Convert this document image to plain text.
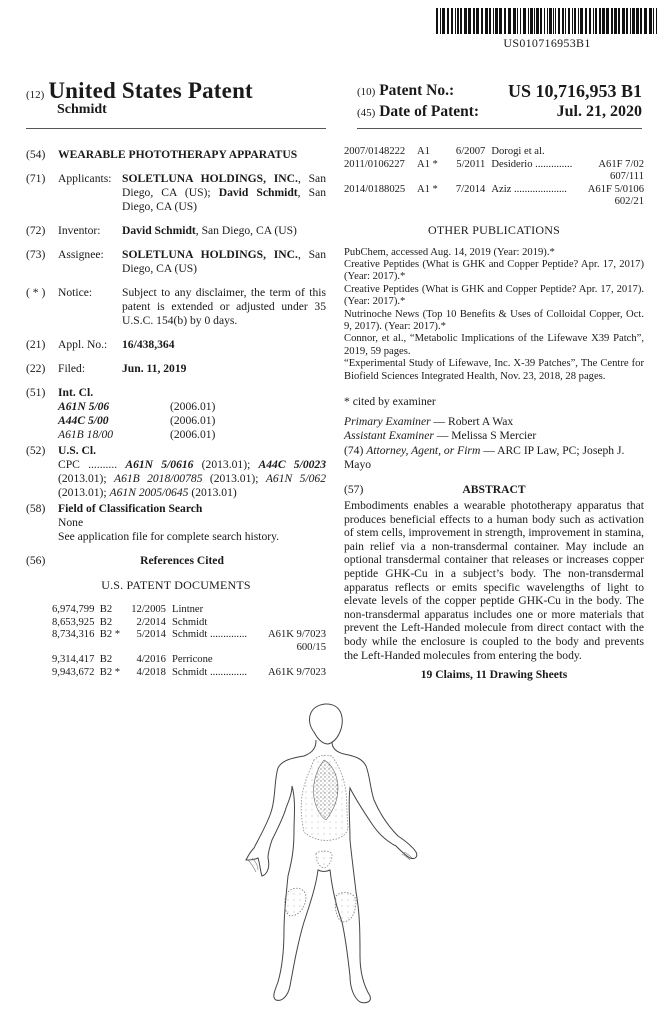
US010716953B1
(12) United States Patent
Schmidt
(10) Patent No.:	US 10,716,953 B1
(45) Date of Patent:	Jul. 21, 2020
(54)	WEARABLE PHOTOTHERAPY APPARATUS
(71)	Applicants: SOLETLUNA HOLDINGS, INC., San Diego, CA (US); David Schmidt, San Diego, CA (US)
(72)	Inventor:	David Schmidt, San Diego, CA (US)
(73)	Assignee:	SOLETLUNA HOLDINGS, INC., San Diego, CA (US)
( * )	Notice:	Subject to any disclaimer, the term of this patent is extended or adjusted under 35 U.S.C. 154(b) by 0 days.
(21)	Appl. No.:	16/438,364
(22)	Filed:	Jun. 11, 2019
(51)	Int. Cl.
A61N 5/06	(2006.01)
A44C 5/00	(2006.01)
A61B 18/00	(2006.01)
(52)	U.S. Cl.
CPC .......... A61N 5/0616 (2013.01); A44C 5/0023 (2013.01); A61B 2018/00785 (2013.01); A61N 5/062 (2013.01); A61N 2005/0645 (2013.01)
(58)	Field of Classification Search
None
See application file for complete search history.
(56)	References Cited
U.S. PATENT DOCUMENTS
6,974,799	B2	12/2005	Lintner	
8,653,925	B2	2/2014	Schmidt	
8,734,316	B2 *	5/2014	Schmidt ..............	A61K 9/7023
600/15				
9,314,417	B2	4/2016	Perricone	
9,943,672	B2 *	4/2018	Schmidt ..............	A61K 9/7023
2007/0148222	A1	6/2007	Dorogi et al.	
2011/0106227	A1 *	5/2011	Desiderio ..............	A61F 7/02
607/111				
2014/0188025	A1 *	7/2014	Aziz ....................	A61F 5/0106
602/21				
OTHER PUBLICATIONS
PubChem, accessed Aug. 14, 2019 (Year: 2019).*
Creative Peptides (What is GHK and Copper Peptide? Apr. 17, 2017) (Year: 2017).*
Creative Peptides (What is GHK and Copper Peptide? Apr. 17, 2017). (Year: 2017).*
Nutrinoche News (Top 10 Benefits & Uses of Colloidal Copper, Oct. 9, 2017). (Year: 2017).*
Connor, et al., “Metabolic Implications of the Lifewave X39 Patch”, 2019, 59 pages.
“Experimental Study of Lifewave, Inc. X-39 Patches”, The Centre for Biofield Sciences Integrated Health, Nov. 23, 2018, 28 pages.
* cited by examiner
Primary Examiner — Robert A Wax
Assistant Examiner — Melissa S Mercier
(74) Attorney, Agent, or Firm — ARC IP Law, PC; Joseph J. Mayo
(57)	ABSTRACT
Embodiments enables a wearable phototherapy apparatus that produces beneficial effects to a human body such as activation of stem cells, improvement in strength, improvement in stamina, pain relief via a non-transdermal container. May include an optional transdermal container that releases or increases copper peptide GHK-Cu in a subject’s body. The non-transdermal apparatus reflects or emits specific wavelengths of light to elevate levels of the copper peptide GHK-Cu in the body. The non-transdermal apparatus includes one or more materials that prevent the Left-Handed molecule from direct contact with the body while the enclosure is coupled to the body and prevents the Left-Handed molecules from entering the body.
19 Claims, 11 Drawing Sheets
